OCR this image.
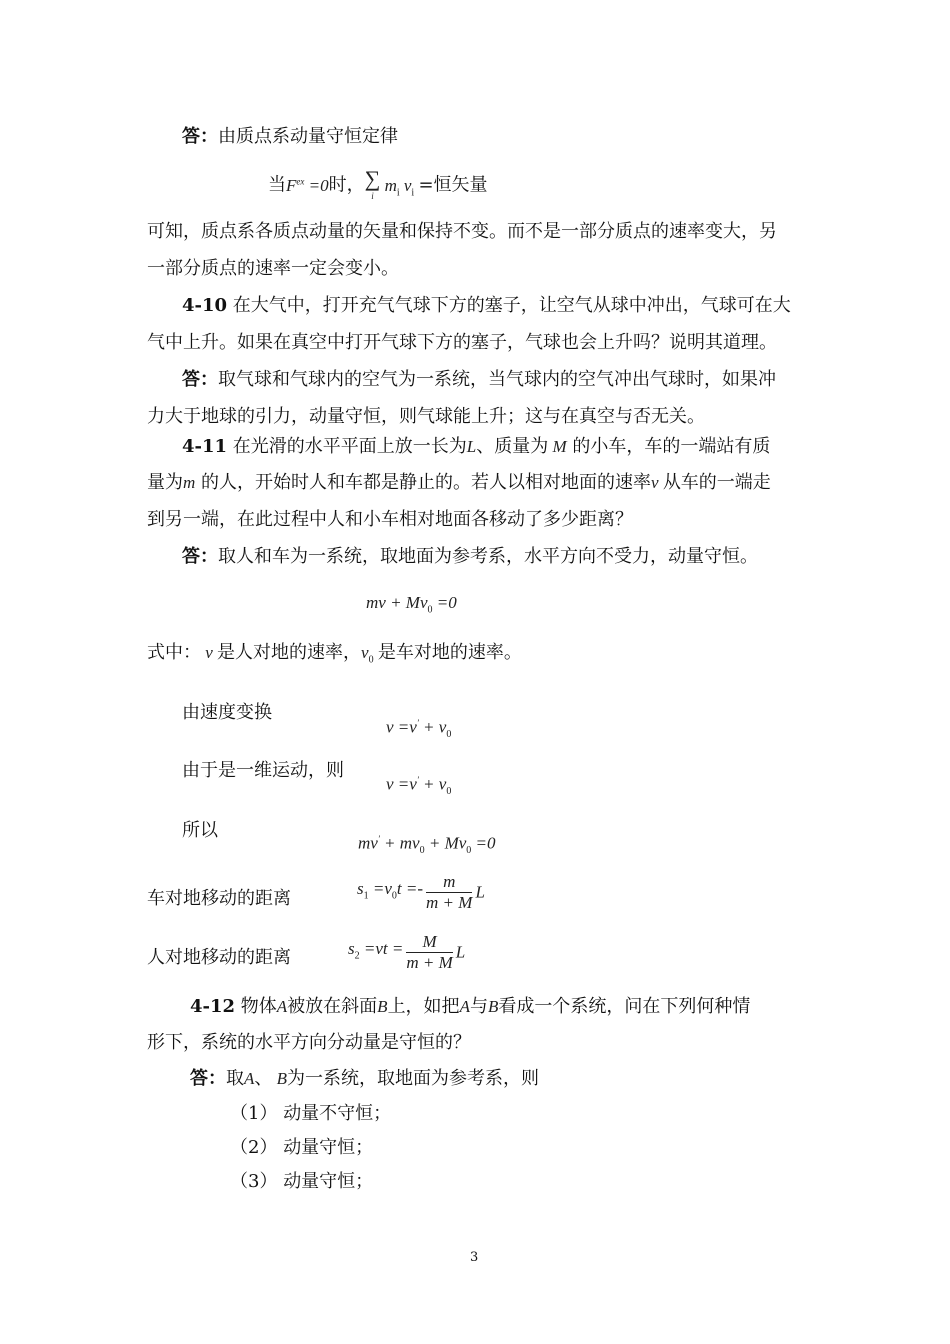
答：由质点系动量守恒定律
当$F^{ex} =0$时， ∑
i
$m_i$ $v_i$ =恒矢量
可知，质点系各质点动量的矢量和保持不变。而不是一部分质点的速率变大，另
一部分质点的速率一定会变小。
4-10 在大气中，打开充气气球下方的塞子，让空气从球中冲出，气球可在大
气中上升。如果在真空中打开气球下方的塞子，气球也会上升吗？说明其道理。
答：取气球和气球内的空气为一系统，当气球内的空气冲出气球时，如果冲
力大于地球的引力，动量守恒，则气球能上升；这与在真空与否无关。
4-11 在光滑的水平平面上放一长为L、质量为 M 的小车，车的一端站有质
量为m 的人，开始时人和车都是静止的。若人以相对地面的速率v 从车的一端走
到另一端，在此过程中人和小车相对地面各移动了多少距离？
答：取人和车为一系统，取地面为参考系，水平方向不受力，动量守恒。
mv + $Mv_0 =0$
式中： v 是人对地的速率，$v_0$ 是车对地的速率。
由速度变换
$v =v' + v_0$
由于是一维运动，则
$v =v' + v_0$
所以
$mv' + mv_0 + Mv_0 =0$
车对地移动的距离	$s_1 =v_0t =- \frac{m}{m + M}$ L
人对地移动的距离	$s_2 =vt = \frac{M}{m + M}$ L
4-12 物体A被放在斜面B上，如把A与B看成一个系统，问在下列何种情
形下，系统的水平方向分动量是守恒的？
答：取A、 B为一系统，取地面为参考系，则
（1） 动量不守恒；
（2） 动量守恒；
（3） 动量守恒；
3
